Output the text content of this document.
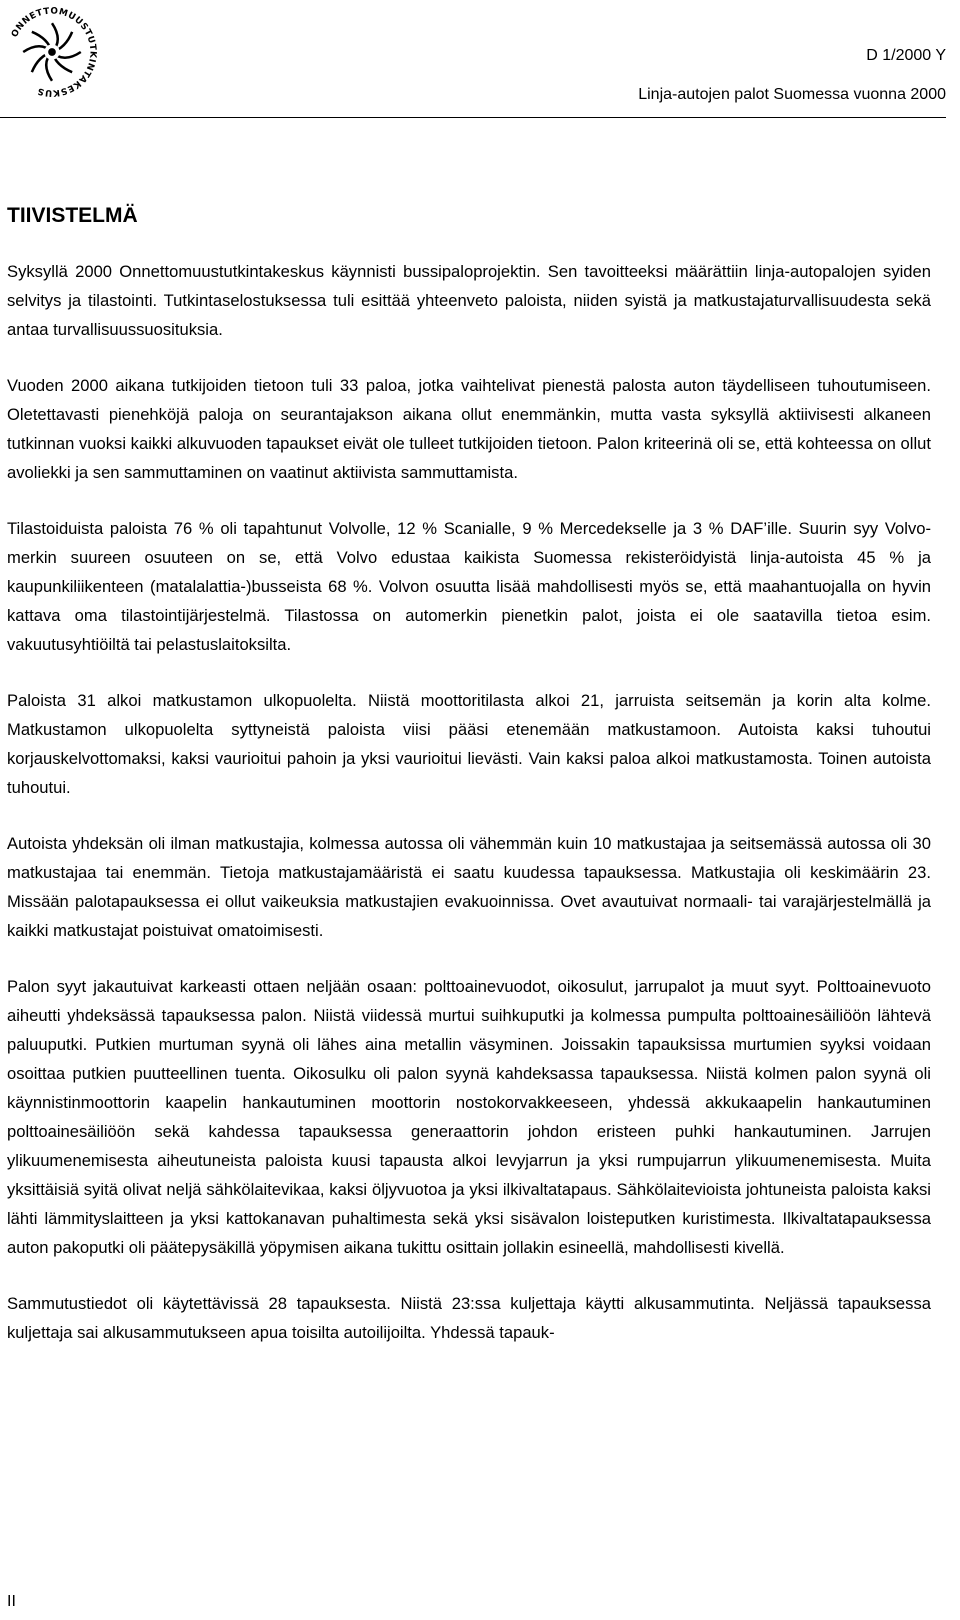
ONNETTOMUUSTUTKINTAKESKUS
D 1/2000 Y
Linja-autojen palot Suomessa vuonna 2000
TIIVISTELMÄ

Syksyllä 2000 Onnettomuustutkintakeskus käynnisti bussipaloprojektin. Sen tavoitteeksi määrättiin linja-autopalojen syiden selvitys ja tilastointi. Tutkintaselostuksessa tuli esittää yhteenveto paloista, niiden syistä ja matkustajaturvallisuudesta sekä antaa turvallisuussuosituksia.

Vuoden 2000 aikana tutkijoiden tietoon tuli 33 paloa, jotka vaihtelivat pienestä palosta auton täydelliseen tuhoutumiseen. Oletettavasti pienehköjä paloja on seurantajakson aikana ollut enemmänkin, mutta vasta syksyllä aktiivisesti alkaneen tutkinnan vuoksi kaikki alkuvuoden tapaukset eivät ole tulleet tutkijoiden tietoon. Palon kriteerinä oli se, että kohteessa on ollut avoliekki ja sen sammuttaminen on vaatinut aktiivista sammuttamista.

Tilastoiduista paloista 76 % oli tapahtunut Volvolle, 12 % Scanialle, 9 % Mercedekselle ja 3 % DAF’ille. Suurin syy Volvo-merkin suureen osuuteen on se, että Volvo edustaa kaikista Suomessa rekisteröidyistä linja-autoista 45 % ja kaupunkiliikenteen (matalalattia-)busseista 68 %. Volvon osuutta lisää mahdollisesti myös se, että maahantuojalla on hyvin kattava oma tilastointijärjestelmä. Tilastossa on automerkin pienetkin palot, joista ei ole saatavilla tietoa esim. vakuutusyhtiöiltä tai pelastuslaitoksilta.

Paloista 31 alkoi matkustamon ulkopuolelta. Niistä moottoritilasta alkoi 21, jarruista seitsemän ja korin alta kolme. Matkustamon ulkopuolelta syttyneistä paloista viisi pääsi etenemään matkustamoon. Autoista kaksi tuhoutui korjauskelvottomaksi, kaksi vaurioitui pahoin ja yksi vaurioitui lievästi. Vain kaksi paloa alkoi matkustamosta. Toinen autoista tuhoutui.

Autoista yhdeksän oli ilman matkustajia, kolmessa autossa oli vähemmän kuin 10 matkustajaa ja seitsemässä autossa oli 30 matkustajaa tai enemmän. Tietoja matkustajamääristä ei saatu kuudessa tapauksessa. Matkustajia oli keskimäärin 23. Missään palotapauksessa ei ollut vaikeuksia matkustajien evakuoinnissa. Ovet avautuivat normaali- tai varajärjestelmällä ja kaikki matkustajat poistuivat omatoimisesti.

Palon syyt jakautuivat karkeasti ottaen neljään osaan: polttoainevuodot, oikosulut, jarrupalot ja muut syyt. Polttoainevuoto aiheutti yhdeksässä tapauksessa palon. Niistä viidessä murtui suihkuputki ja kolmessa pumpulta polttoainesäiliöön lähtevä paluuputki. Putkien murtuman syynä oli lähes aina metallin väsyminen. Joissakin tapauksissa murtumien syyksi voidaan osoittaa putkien puutteellinen tuenta. Oikosulku oli palon syynä kahdeksassa tapauksessa. Niistä kolmen palon syynä oli käynnistinmoottorin kaapelin hankautuminen moottorin nostokorvakkeeseen, yhdessä akkukaapelin hankautuminen polttoainesäiliöön sekä kahdessa tapauksessa generaattorin johdon eristeen puhki hankautuminen. Jarrujen ylikuumenemisesta aiheutuneista paloista kuusi tapausta alkoi levyjarrun ja yksi rumpujarrun ylikuumenemisesta. Muita yksittäisiä syitä olivat neljä sähkölaitevikaa, kaksi öljyvuotoa ja yksi ilkivaltatapaus. Sähkölaitevioista johtuneista paloista kaksi lähti lämmityslaitteen ja yksi kattokanavan puhaltimesta sekä yksi sisävalon loisteputken kuristimesta. Ilkivaltatapauksessa auton pakoputki oli päätepysäkillä yöpymisen aikana tukittu osittain jollakin esineellä, mahdollisesti kivellä.

Sammutustiedot oli käytettävissä 28 tapauksesta. Niistä 23:ssa kuljettaja käytti alkusammutinta. Neljässä tapauksessa kuljettaja sai alkusammutukseen apua toisilta autoilijoilta. Yhdessä tapauk-

II
